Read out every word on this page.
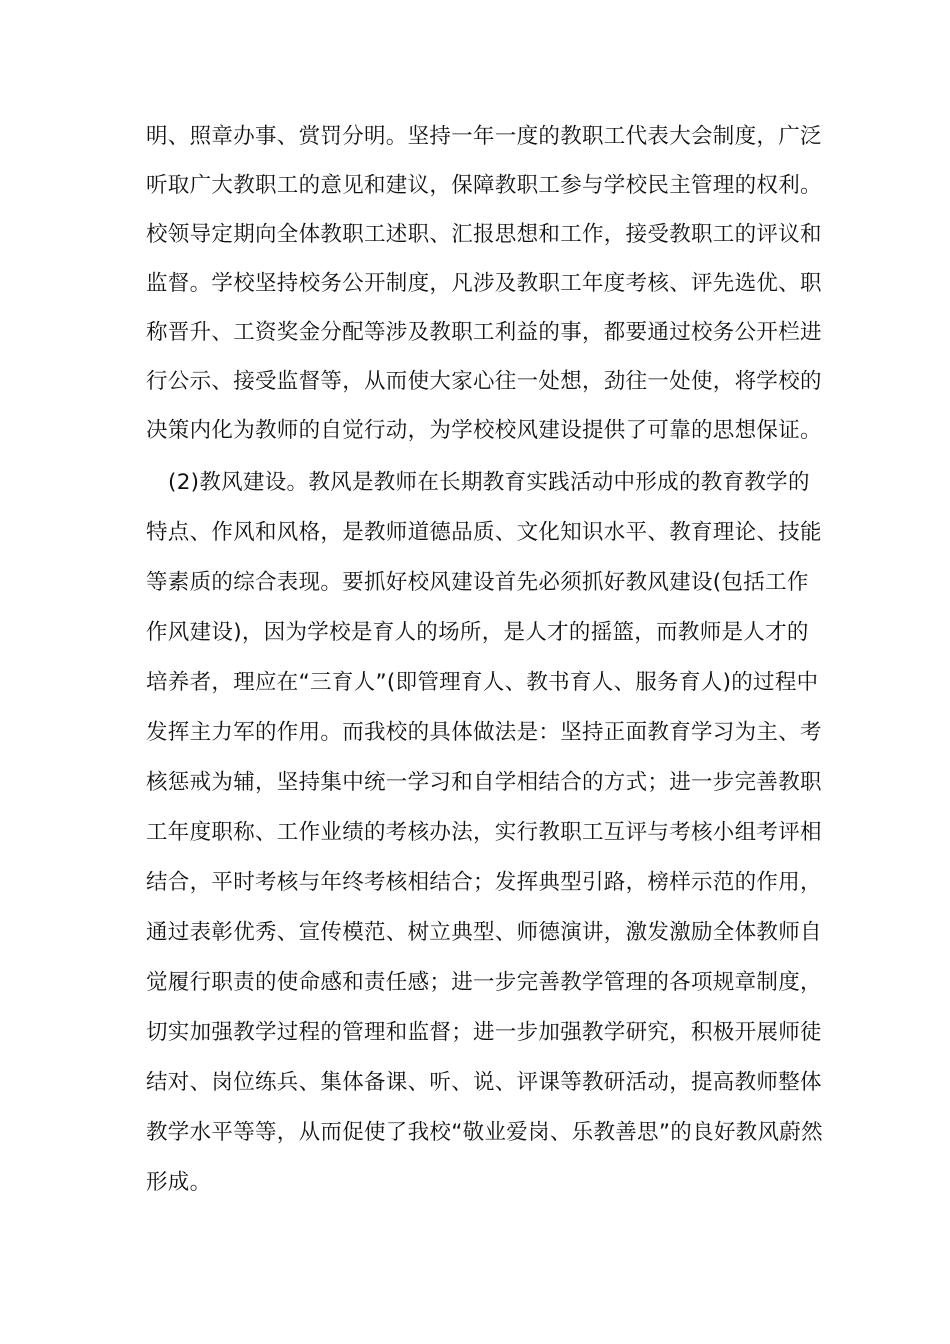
明、照章办事、赏罚分明。坚持一年一度的教职工代表大会制度，广泛
听取广大教职工的意见和建议，保障教职工参与学校民主管理的权利。
校领导定期向全体教职工述职、汇报思想和工作，接受教职工的评议和
监督。学校坚持校务公开制度，凡涉及教职工年度考核、评先选优、职
称晋升、工资奖金分配等涉及教职工利益的事，都要通过校务公开栏进
行公示、接受监督等，从而使大家心往一处想，劲往一处使，将学校的
决策内化为教师的自觉行动，为学校校风建设提供了可靠的思想保证。
(2)教风建设。教风是教师在长期教育实践活动中形成的教育教学的
特点、作风和风格，是教师道德品质、文化知识水平、教育理论、技能
等素质的综合表现。要抓好校风建设首先必须抓好教风建设(包括工作
作风建设)，因为学校是育人的场所，是人才的摇篮，而教师是人才的
培养者，理应在“三育人”(即管理育人、教书育人、服务育人)的过程中
发挥主力军的作用。而我校的具体做法是：坚持正面教育学习为主、考
核惩戒为辅，坚持集中统一学习和自学相结合的方式；进一步完善教职
工年度职称、工作业绩的考核办法，实行教职工互评与考核小组考评相
结合，平时考核与年终考核相结合；发挥典型引路，榜样示范的作用，
通过表彰优秀、宣传模范、树立典型、师德演讲，激发激励全体教师自
觉履行职责的使命感和责任感；进一步完善教学管理的各项规章制度，
切实加强教学过程的管理和监督；进一步加强教学研究，积极开展师徒
结对、岗位练兵、集体备课、听、说、评课等教研活动，提高教师整体
教学水平等等，从而促使了我校“敬业爱岗、乐教善思”的良好教风蔚然
形成。
